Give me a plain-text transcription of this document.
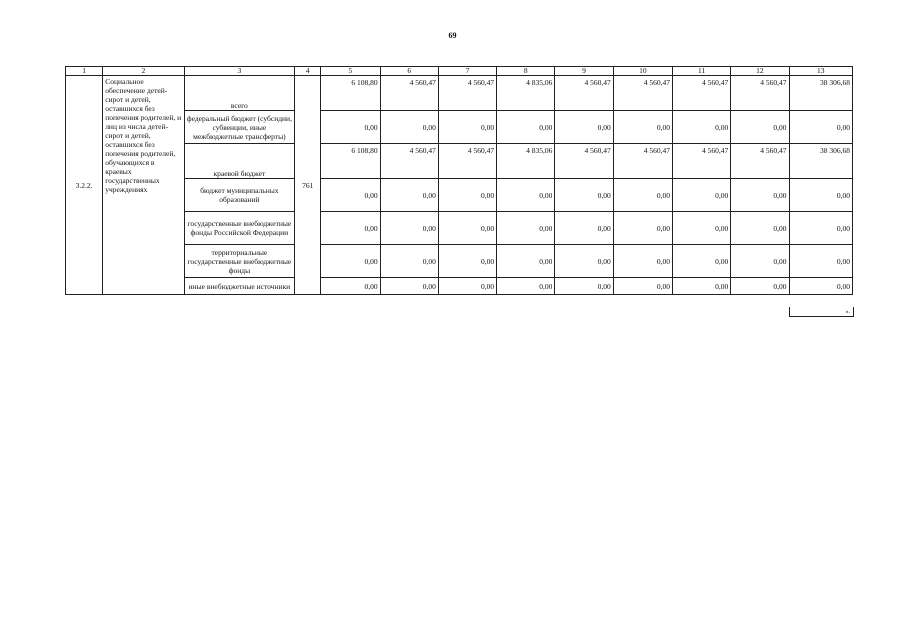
69
1	2	3	4	5	6	7	8	9	10	11	12	13
3.2.2.	Социальное обеспечение детей-сирот и детей, оставшихся без попечения родителей, и лиц из числа детей-сирот и детей, оставшихся без попечения родителей, обучающихся в краевых государственных учреждениях	всего	761	6 108,80	4 560,47	4 560,47	4 835,06	4 560,47	4 560,47	4 560,47	4 560,47	38 306,68
		федеральный бюджет (субсидии, субвенции, иные межбюджетные трансферты)		0,00	0,00	0,00	0,00	0,00	0,00	0,00	0,00	0,00
		краевой бюджет		6 108,80	4 560,47	4 560,47	4 835,06	4 560,47	4 560,47	4 560,47	4 560,47	38 306,68
		бюджет муниципальных образований		0,00	0,00	0,00	0,00	0,00	0,00	0,00	0,00	0,00
		государственные внебюджетные фонды Российской Федерации		0,00	0,00	0,00	0,00	0,00	0,00	0,00	0,00	0,00
		территориальные государственные внебюджетные фонды		0,00	0,00	0,00	0,00	0,00	0,00	0,00	0,00	0,00
		иные внебюджетные источники		0,00	0,00	0,00	0,00	0,00	0,00	0,00	0,00	0,00
».
